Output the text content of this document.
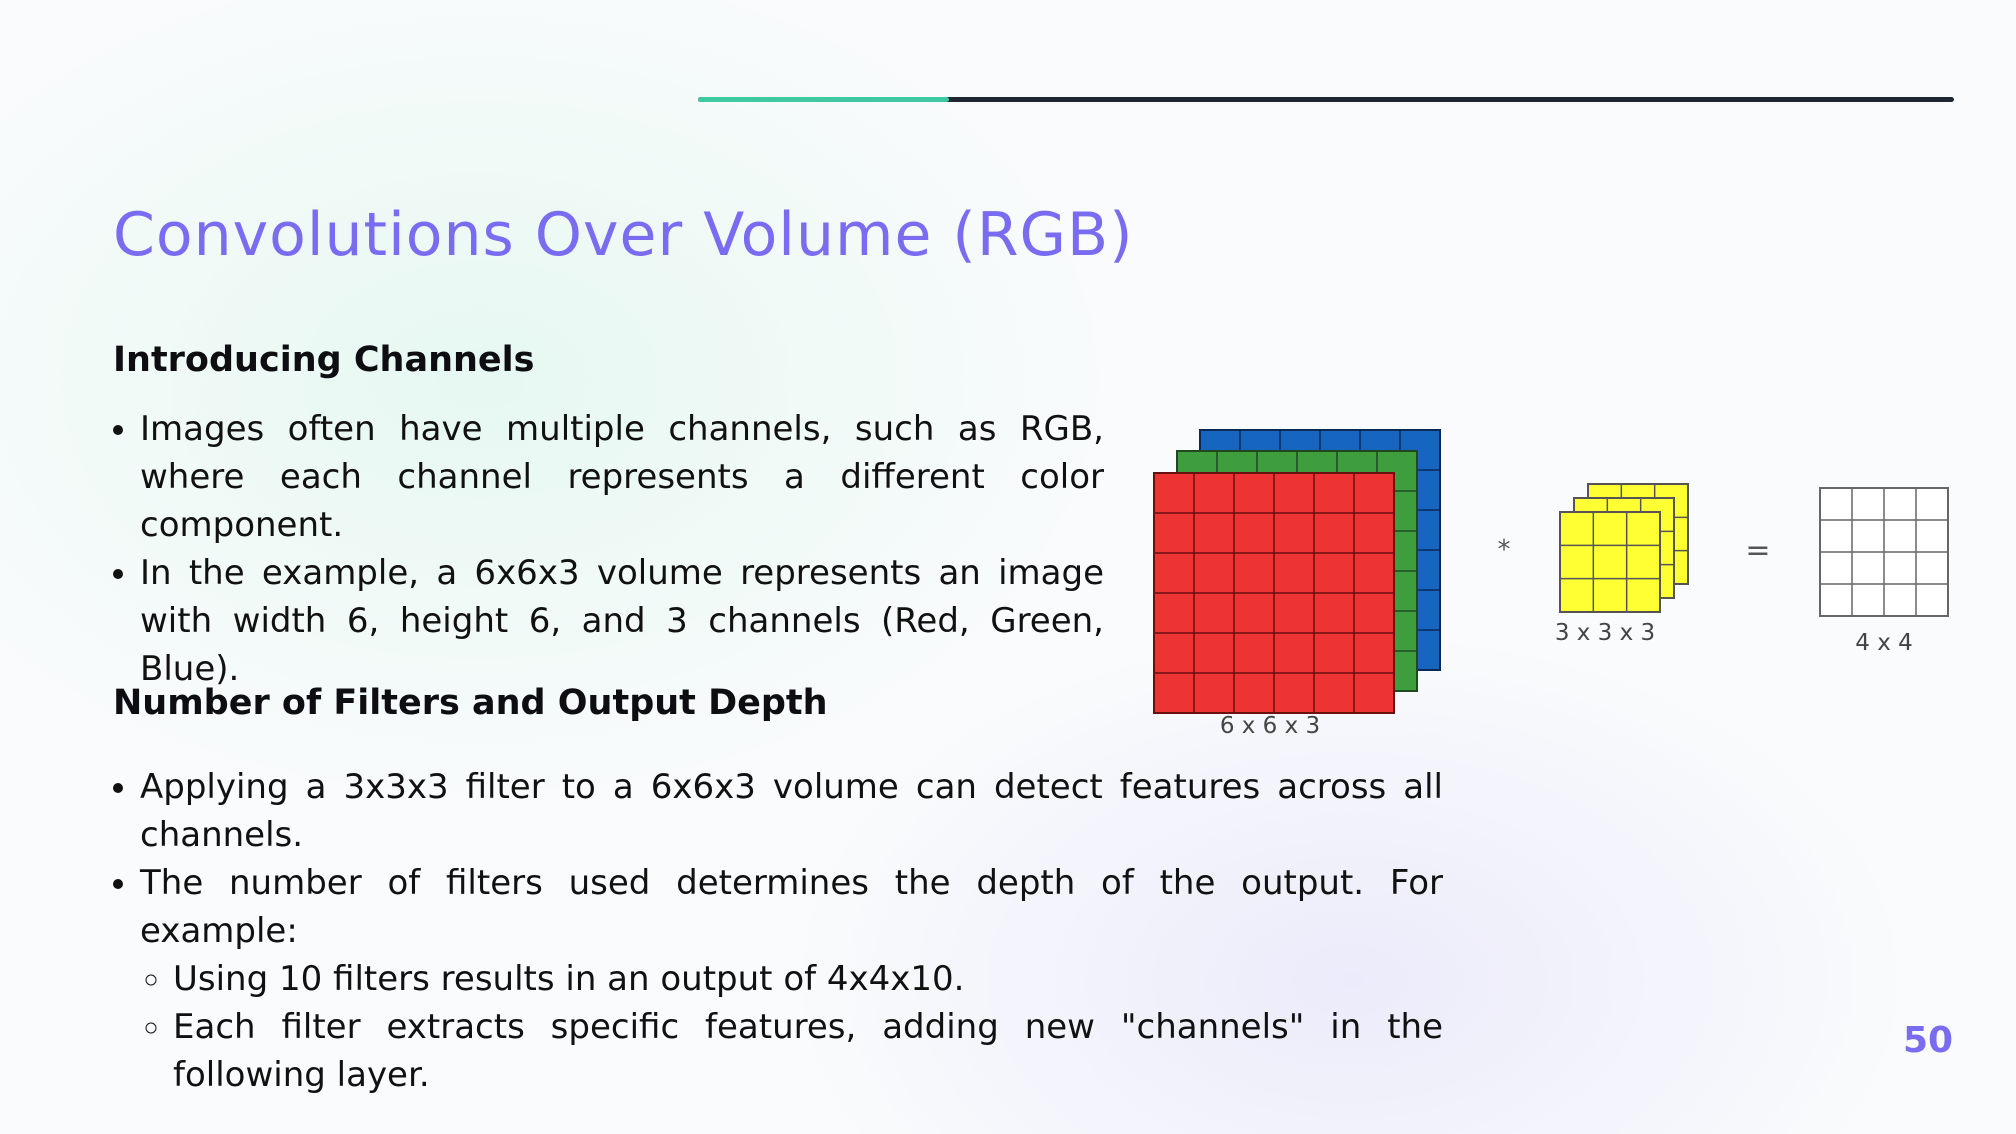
Convolutions Over Volume (RGB)
Introducing Channels
• Images often have multiple channels, such as RGB, where each channel represents a different color component.
• In the example, a 6x6x3 volume represents an image with width 6, height 6, and 3 channels (Red, Green, Blue).
Number of Filters and Output Depth
• Applying a 3x3x3 filter to a 6x6x3 volume can detect features across all channels.
• The number of filters used determines the depth of the output. For example:
◦ Using 10 filters results in an output of 4x4x10.
◦ Each filter extracts specific features, adding new "channels" in the following layer.
*	=
6 x 6 x 3
3 x 3 x 3	4 x 4
50
